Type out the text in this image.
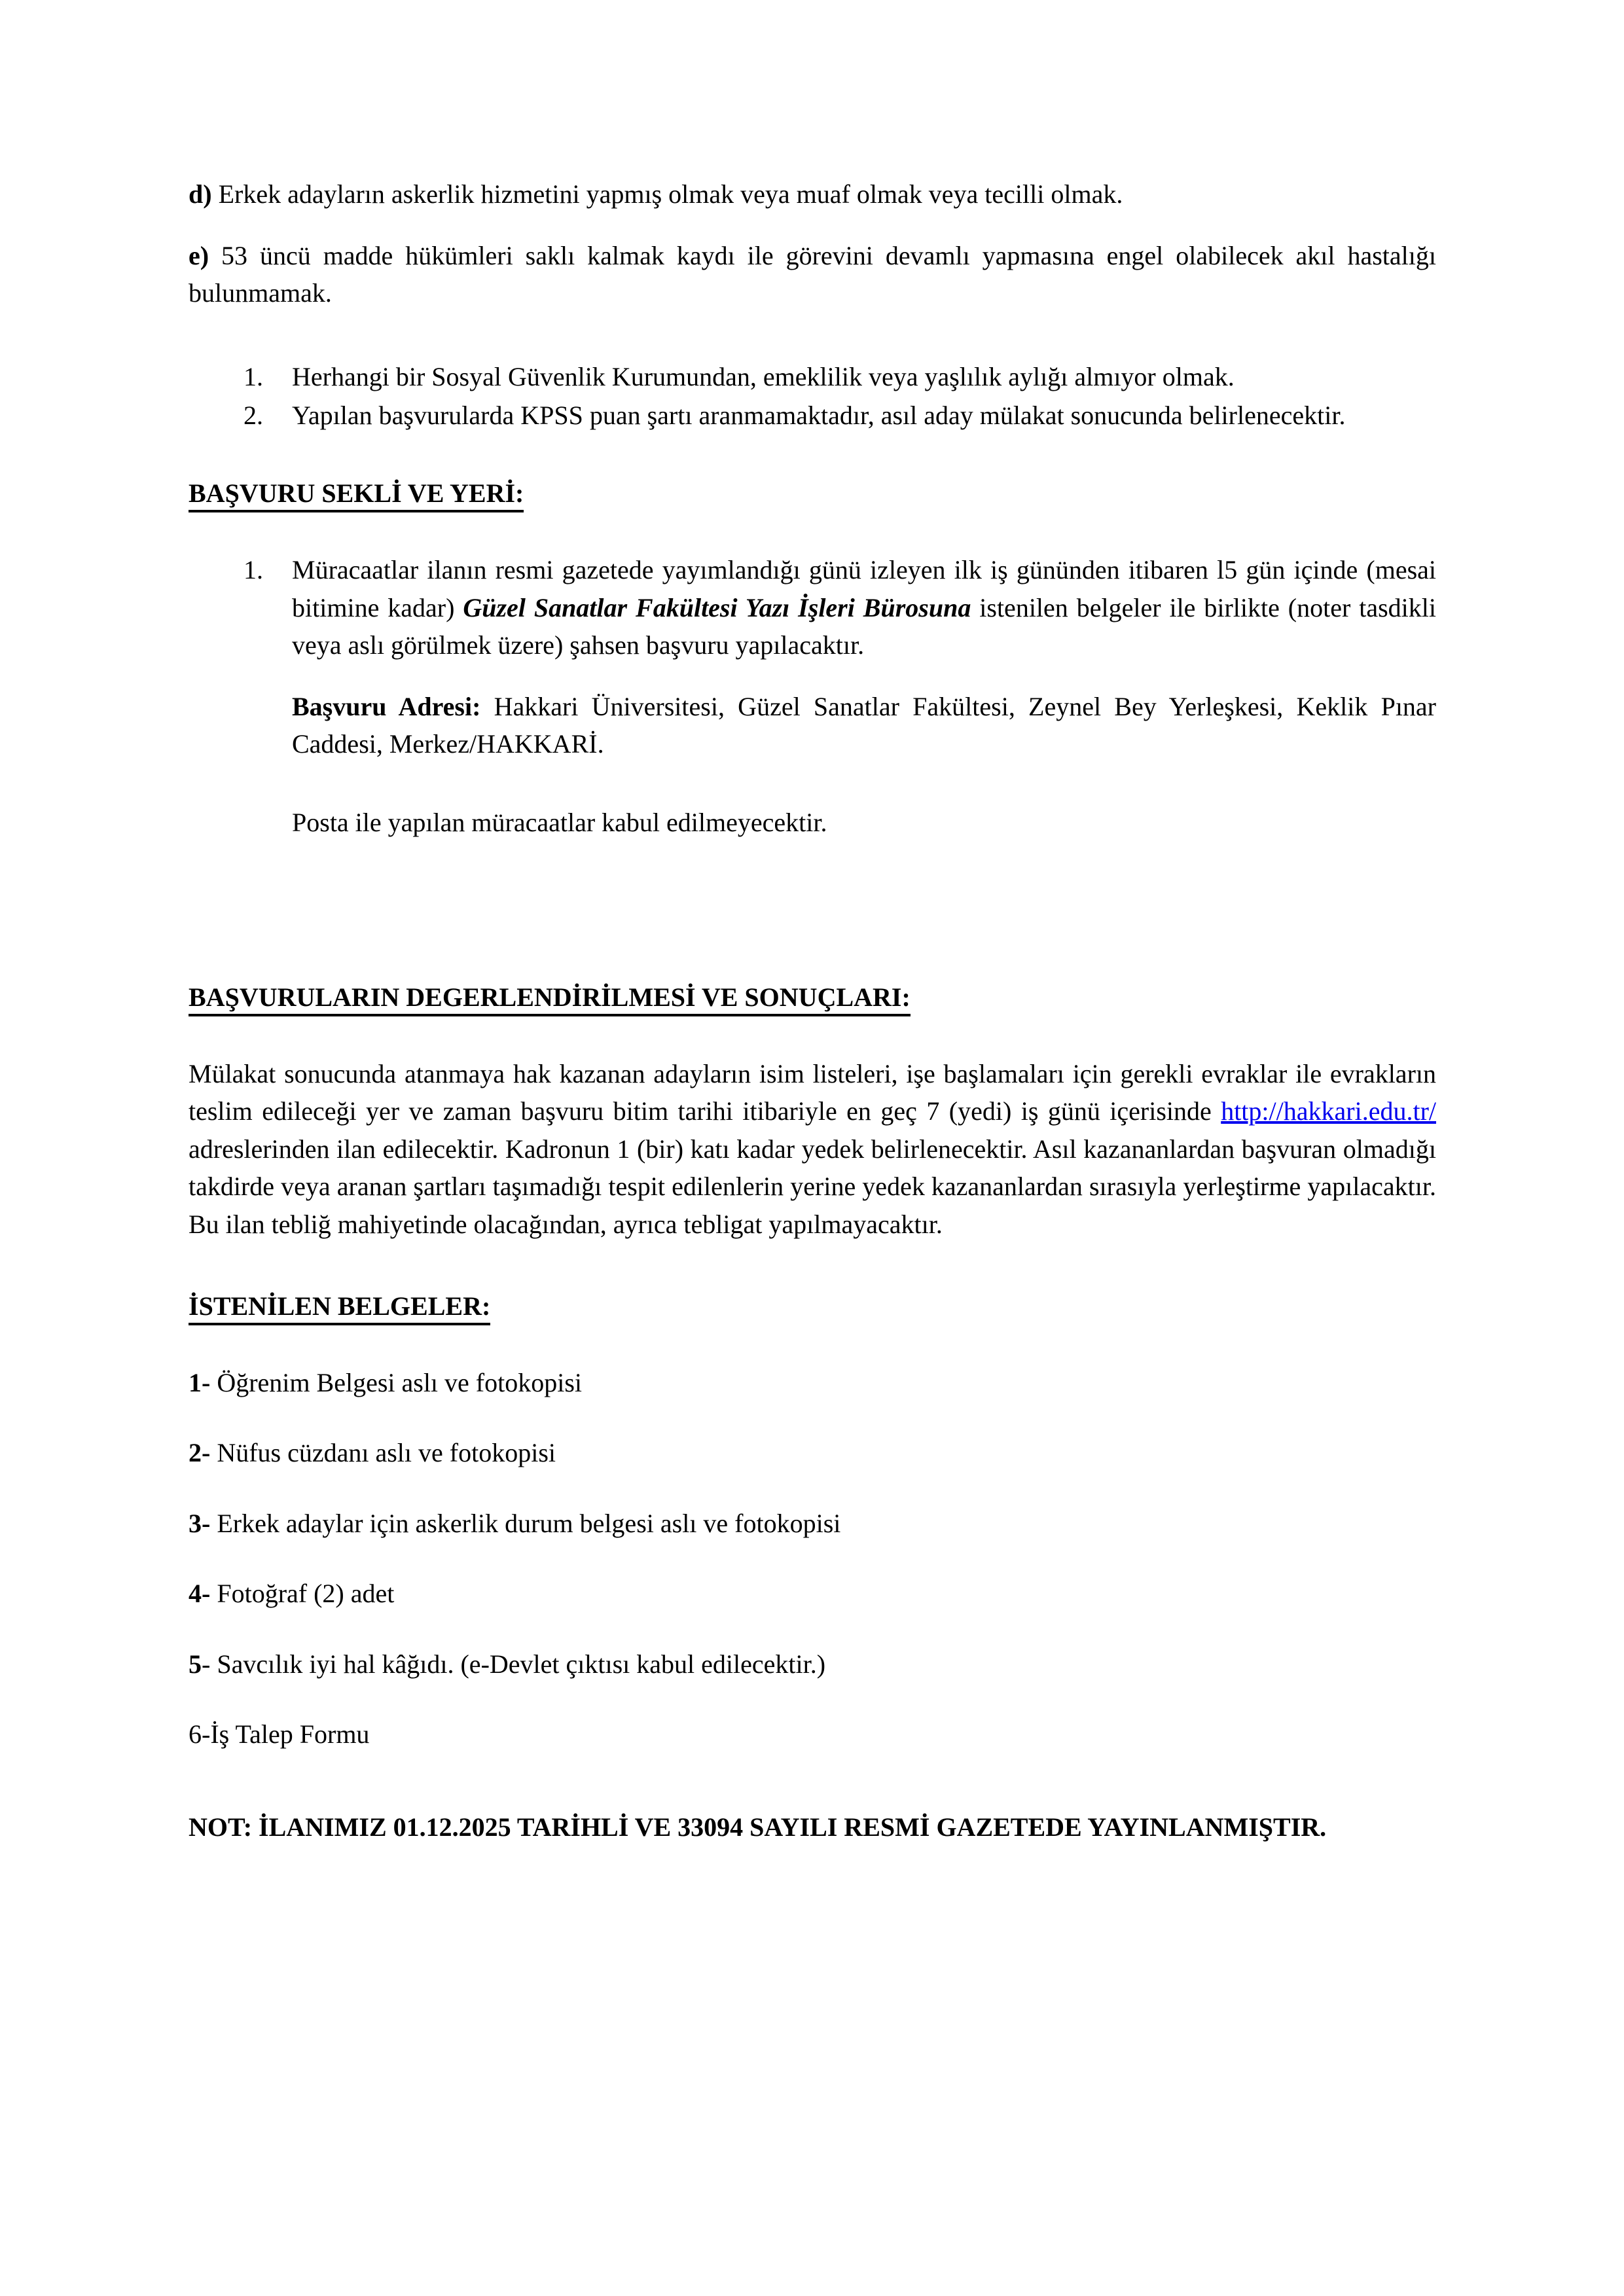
d) Erkek adayların askerlik hizmetini yapmış olmak veya muaf olmak veya tecilli olmak.

e) 53 üncü madde hükümleri saklı kalmak kaydı ile görevini devamlı yapmasına engel olabilecek akıl hastalığı bulunmamak.

1.	Herhangi bir Sosyal Güvenlik Kurumundan, emeklilik veya yaşlılık aylığı almıyor olmak.
2.	Yapılan başvurularda KPSS puan şartı aranmamaktadır, asıl aday mülakat sonucunda belirlenecektir.
BAŞVURU SEKLİ VE YERİ:
1.	Müracaatlar ilanın resmi gazetede yayımlandığı günü izleyen ilk iş gününden itibaren l5 gün içinde (mesai bitimine kadar) Güzel Sanatlar Fakültesi Yazı İşleri Bürosuna istenilen belgeler ile birlikte (noter tasdikli veya aslı görülmek üzere) şahsen başvuru yapılacaktır.

Başvuru Adresi: Hakkari Üniversitesi, Güzel Sanatlar Fakültesi, Zeynel Bey Yerleşkesi, Keklik Pınar Caddesi, Merkez/HAKKARİ.

Posta ile yapılan müracaatlar kabul edilmeyecektir.

BAŞVURULARIN DEGERLENDİRİLMESİ VE SONUÇLARI:

Mülakat sonucunda atanmaya hak kazanan adayların isim listeleri, işe başlamaları için gerekli evraklar ile evrakların teslim edileceği yer ve zaman başvuru bitim tarihi itibariyle en geç 7 (yedi) iş günü içerisinde http://hakkari.edu.tr/ adreslerinden ilan edilecektir. Kadronun 1 (bir) katı kadar yedek belirlenecektir. Asıl kazananlardan başvuran olmadığı takdirde veya aranan şartları taşımadığı tespit edilenlerin yerine yedek kazananlardan sırasıyla yerleştirme yapılacaktır. Bu ilan tebliğ mahiyetinde olacağından, ayrıca tebligat yapılmayacaktır.

İSTENİLEN BELGELER:

1- Öğrenim Belgesi aslı ve fotokopisi

2- Nüfus cüzdanı aslı ve fotokopisi

3- Erkek adaylar için askerlik durum belgesi aslı ve fotokopisi

4- Fotoğraf (2) adet

5- Savcılık iyi hal kâğıdı. (e-Devlet çıktısı kabul edilecektir.)

6-İş Talep Formu

NOT: İLANIMIZ 01.12.2025 TARİHLİ VE 33094 SAYILI RESMİ GAZETEDE YAYINLANMIŞTIR.
